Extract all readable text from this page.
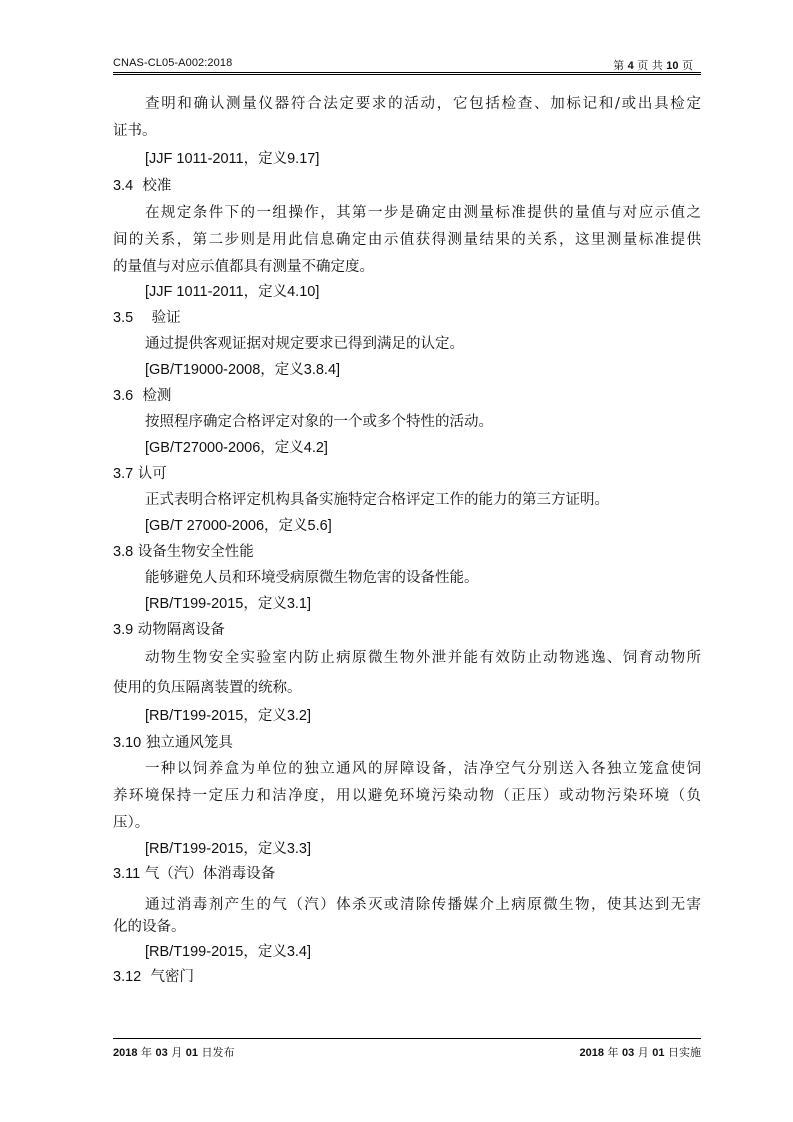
CNAS-CL05-A002:2018	第 4 页 共 10 页
查明和确认测量仪器符合法定要求的活动，它包括检查、加标记和/或出具检定
证书。
[JJF 1011-2011，定义9.17]
3.4 校准
在规定条件下的一组操作，其第一步是确定由测量标准提供的量值与对应示值之
间的关系，第二步则是用此信息确定由示值获得测量结果的关系，这里测量标准提供
的量值与对应示值都具有测量不确定度。
[JJF 1011-2011，定义4.10]
3.5 验证
通过提供客观证据对规定要求已得到满足的认定。
[GB/T19000-2008，定义3.8.4]
3.6 检测
按照程序确定合格评定对象的一个或多个特性的活动。
[GB/T27000-2006，定义4.2]
3.7 认可
正式表明合格评定机构具备实施特定合格评定工作的能力的第三方证明。
[GB/T 27000-2006，定义5.6]
3.8 设备生物安全性能
能够避免人员和环境受病原微生物危害的设备性能。
[RB/T199-2015，定义3.1]
3.9 动物隔离设备
动物生物安全实验室内防止病原微生物外泄并能有效防止动物逃逸、饲育动物所
使用的负压隔离装置的统称。
[RB/T199-2015，定义3.2]
3.10 独立通风笼具
一种以饲养盒为单位的独立通风的屏障设备，洁净空气分别送入各独立笼盒使饲
养环境保持一定压力和洁净度，用以避免环境污染动物（正压）或动物污染环境（负
压）。
[RB/T199-2015，定义3.3]
3.11 气（汽）体消毒设备
通过消毒剂产生的气（汽）体杀灭或清除传播媒介上病原微生物，使其达到无害
化的设备。
[RB/T199-2015，定义3.4]
3.12 气密门
2018 年 03 月 01 日发布	2018 年 03 月 01 日实施
